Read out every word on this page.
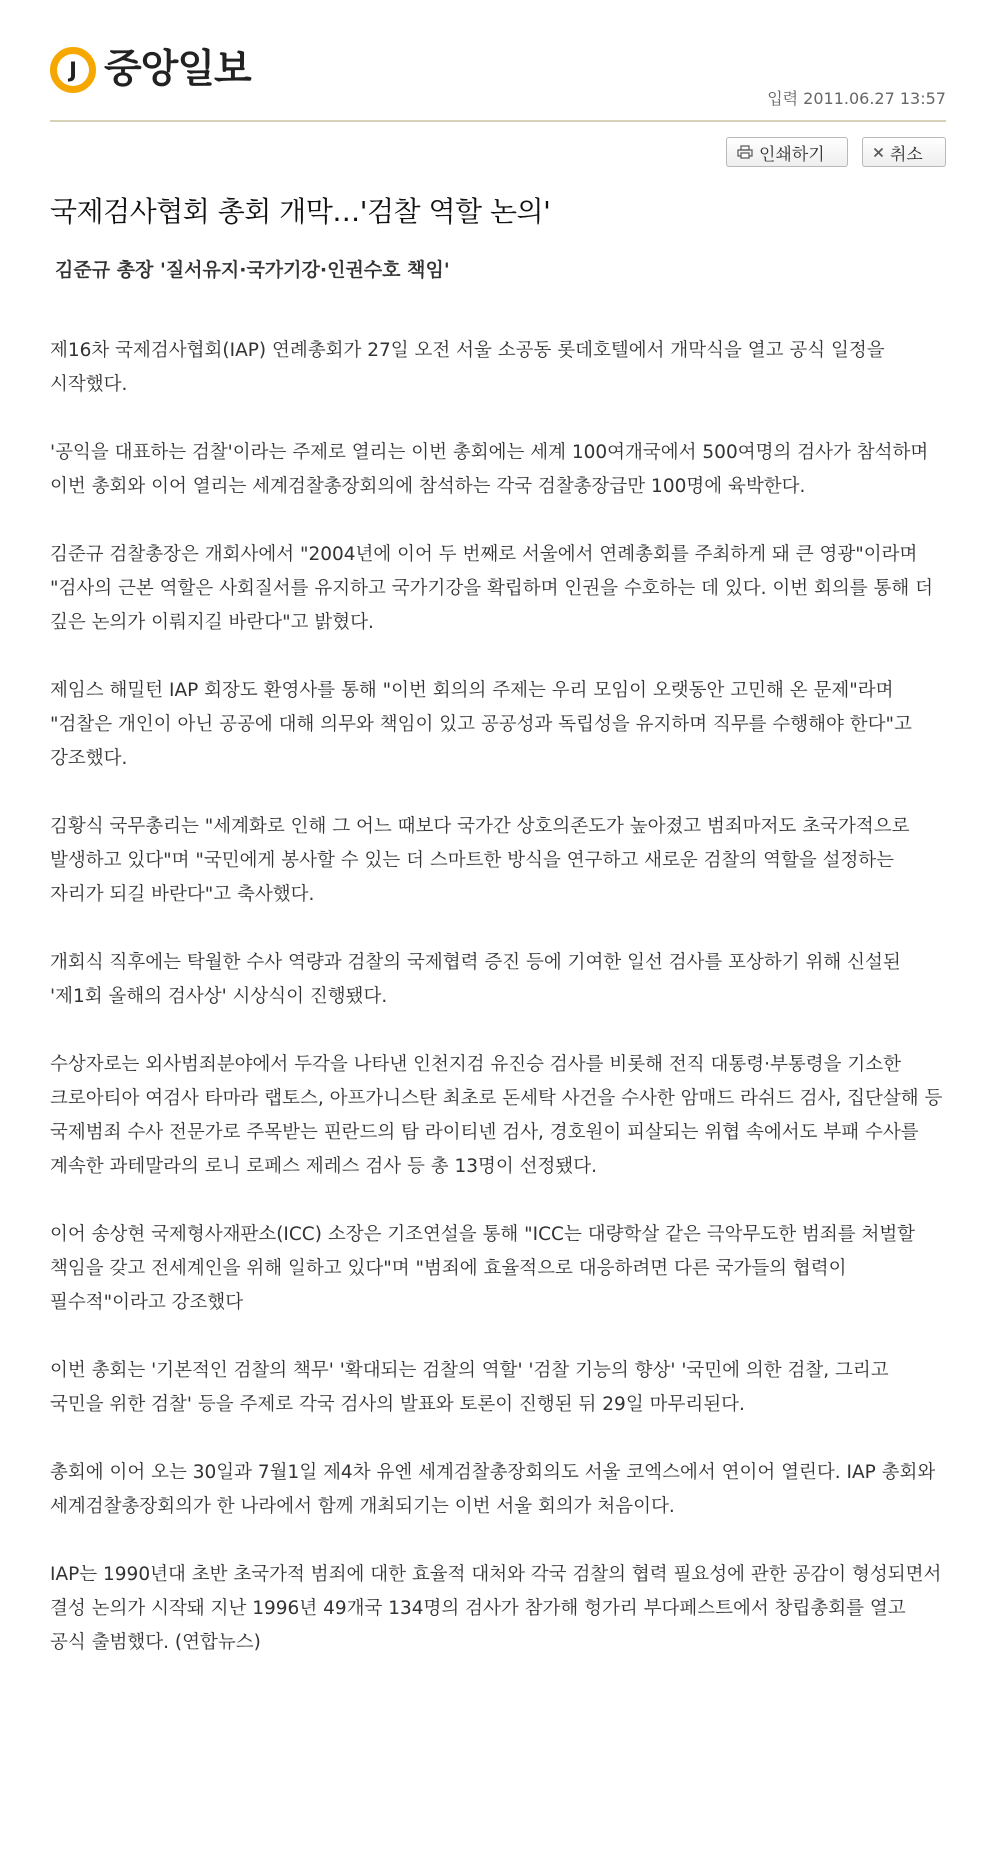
J 중앙일보
입력 2011.06.27 13:57
인쇄하기	취소
국제검사협회 총회 개막…'검찰 역할 논의'
김준규 총장 '질서유지·국가기강·인권수호 책임'

제16차 국제검사협회(IAP) 연례총회가 27일 오전 서울 소공동 롯데호텔에서 개막식을 열고 공식 일정을 시작했다.

'공익을 대표하는 검찰'이라는 주제로 열리는 이번 총회에는 세계 100여개국에서 500여명의 검사가 참석하며 이번 총회와 이어 열리는 세계검찰총장회의에 참석하는 각국 검찰총장급만 100명에 육박한다.

김준규 검찰총장은 개회사에서 "2004년에 이어 두 번째로 서울에서 연례총회를 주최하게 돼 큰 영광"이라며 "검사의 근본 역할은 사회질서를 유지하고 국가기강을 확립하며 인권을 수호하는 데 있다. 이번 회의를 통해 더 깊은 논의가 이뤄지길 바란다"고 밝혔다.

제임스 해밀턴 IAP 회장도 환영사를 통해 "이번 회의의 주제는 우리 모임이 오랫동안 고민해 온 문제"라며 "검찰은 개인이 아닌 공공에 대해 의무와 책임이 있고 공공성과 독립성을 유지하며 직무를 수행해야 한다"고 강조했다.

김황식 국무총리는 "세계화로 인해 그 어느 때보다 국가간 상호의존도가 높아졌고 범죄마저도 초국가적으로 발생하고 있다"며 "국민에게 봉사할 수 있는 더 스마트한 방식을 연구하고 새로운 검찰의 역할을 설정하는 자리가 되길 바란다"고 축사했다.

개회식 직후에는 탁월한 수사 역량과 검찰의 국제협력 증진 등에 기여한 일선 검사를 포상하기 위해 신설된 '제1회 올해의 검사상' 시상식이 진행됐다.

수상자로는 외사범죄분야에서 두각을 나타낸 인천지검 유진승 검사를 비롯해 전직 대통령·부통령을 기소한 크로아티아 여검사 타마라 랩토스, 아프가니스탄 최초로 돈세탁 사건을 수사한 암매드 라쉬드 검사, 집단살해 등 국제범죄 수사 전문가로 주목받는 핀란드의 탐 라이티넨 검사, 경호원이 피살되는 위협 속에서도 부패 수사를 계속한 과테말라의 로니 로페스 제레스 검사 등 총 13명이 선정됐다.

이어 송상현 국제형사재판소(ICC) 소장은 기조연설을 통해 "ICC는 대량학살 같은 극악무도한 범죄를 처벌할 책임을 갖고 전세계인을 위해 일하고 있다"며 "범죄에 효율적으로 대응하려면 다른 국가들의 협력이 필수적"이라고 강조했다

이번 총회는 '기본적인 검찰의 책무' '확대되는 검찰의 역할' '검찰 기능의 향상' '국민에 의한 검찰, 그리고 국민을 위한 검찰' 등을 주제로 각국 검사의 발표와 토론이 진행된 뒤 29일 마무리된다.

총회에 이어 오는 30일과 7월1일 제4차 유엔 세계검찰총장회의도 서울 코엑스에서 연이어 열린다. IAP 총회와 세계검찰총장회의가 한 나라에서 함께 개최되기는 이번 서울 회의가 처음이다.

IAP는 1990년대 초반 초국가적 범죄에 대한 효율적 대처와 각국 검찰의 협력 필요성에 관한 공감이 형성되면서 결성 논의가 시작돼 지난 1996년 49개국 134명의 검사가 참가해 헝가리 부다페스트에서 창립총회를 열고 공식 출범했다. (연합뉴스)
